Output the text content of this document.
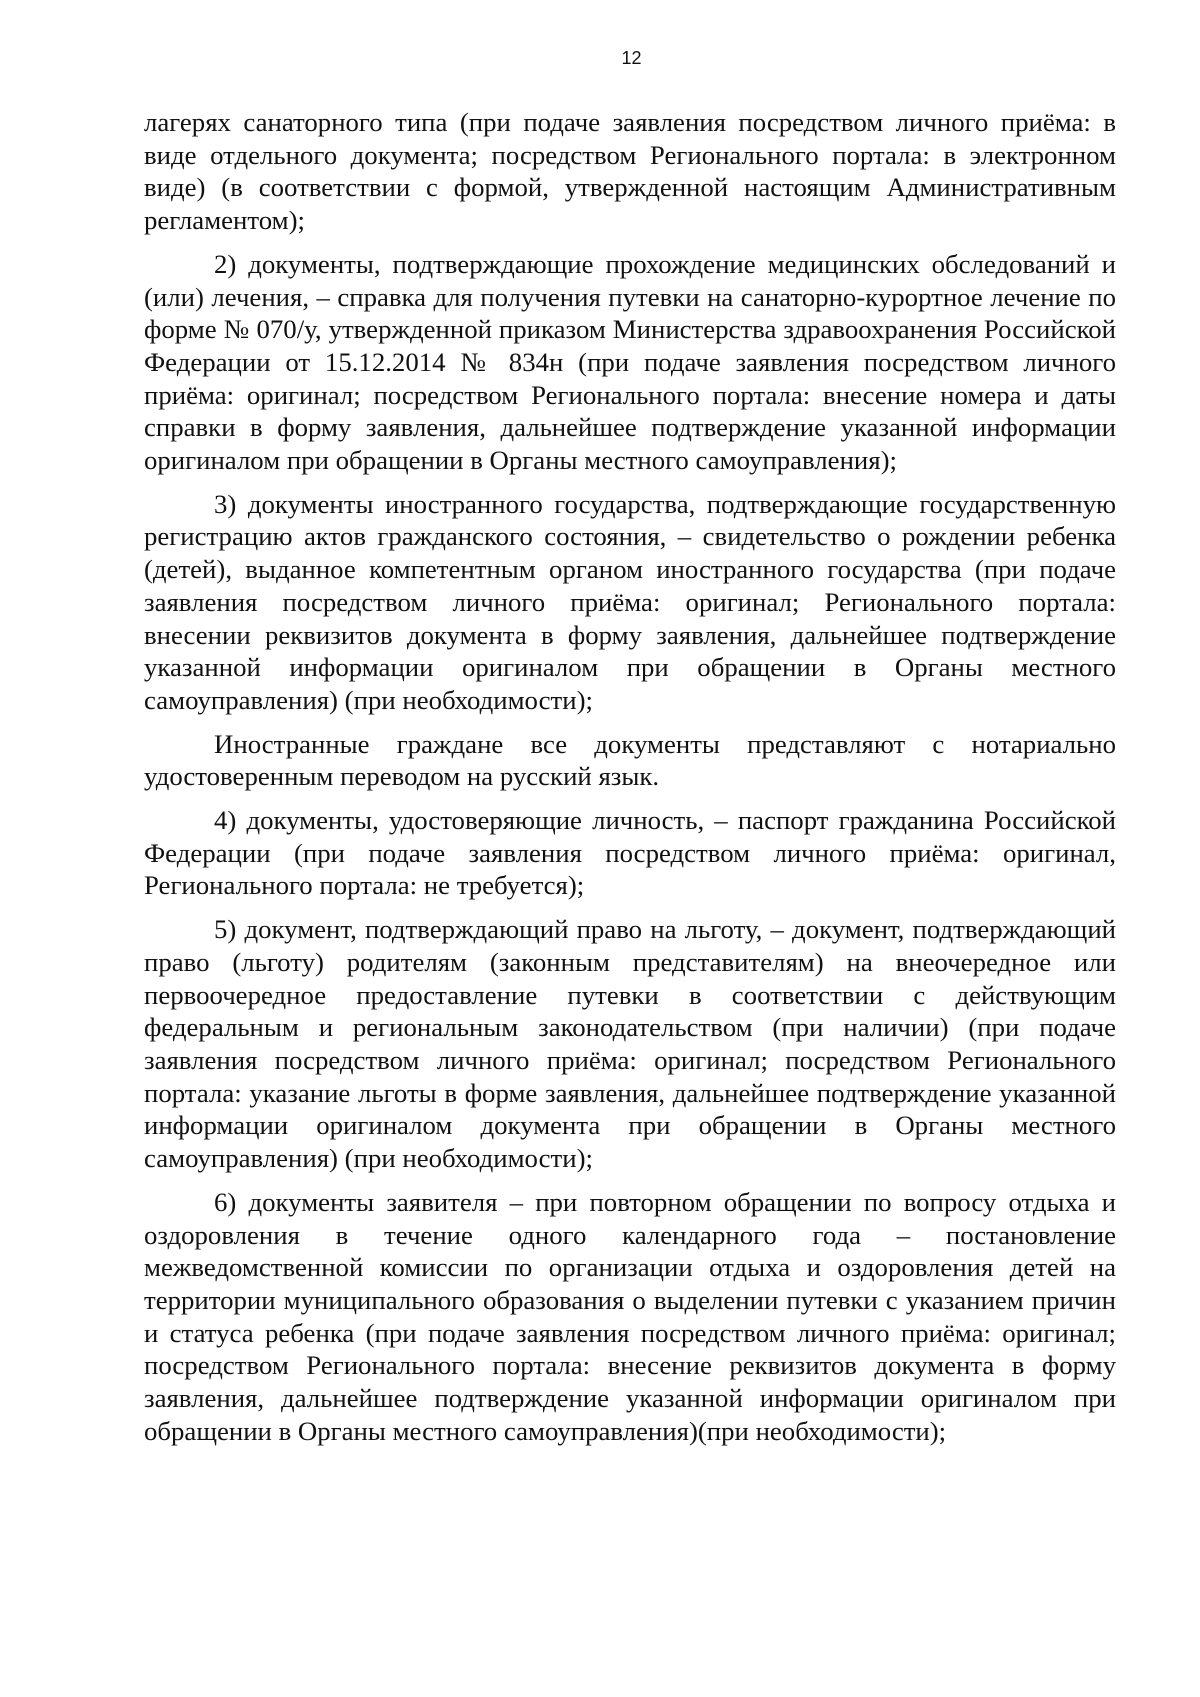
12

лагерях санаторного типа (при подаче заявления посредством личного приёма: в виде отдельного документа; посредством Регионального портала: в электронном виде) (в соответствии с формой, утвержденной настоящим Административным регламентом);

2) документы, подтверждающие прохождение медицинских обследований и (или) лечения, – справка для получения путевки на санаторно-курортное лечение по форме № 070/у, утвержденной приказом Министерства здравоохранения Российской Федерации от 15.12.2014 № 834н (при подаче заявления посредством личного приёма: оригинал; посредством Регионального портала: внесение номера и даты справки в форму заявления, дальнейшее подтверждение указанной информации оригиналом при обращении в Органы местного самоуправления);

3) документы иностранного государства, подтверждающие государственную регистрацию актов гражданского состояния, – свидетельство о рождении ребенка (детей), выданное компетентным органом иностранного государства (при подаче заявления посредством личного приёма: оригинал; Регионального портала: внесении реквизитов документа в форму заявления, дальнейшее подтверждение указанной информации оригиналом при обращении в Органы местного самоуправления) (при необходимости);

Иностранные граждане все документы представляют с нотариально удостоверенным переводом на русский язык.

4) документы, удостоверяющие личность, – паспорт гражданина Российской Федерации (при подаче заявления посредством личного приёма: оригинал, Регионального портала: не требуется);

5) документ, подтверждающий право на льготу, – документ, подтверждающий право (льготу) родителям (законным представителям) на внеочередное или первоочередное предоставление путевки в соответствии с действующим федеральным и региональным законодательством (при наличии) (при подаче заявления посредством личного приёма: оригинал; посредством Регионального портала: указание льготы в форме заявления, дальнейшее подтверждение указанной информации оригиналом документа при обращении в Органы местного самоуправления) (при необходимости);

6) документы заявителя – при повторном обращении по вопросу отдыха и оздоровления в течение одного календарного года – постановление межведомственной комиссии по организации отдыха и оздоровления детей на территории муниципального образования о выделении путевки с указанием причин и статуса ребенка (при подаче заявления посредством личного приёма: оригинал; посредством Регионального портала: внесение реквизитов документа в форму заявления, дальнейшее подтверждение указанной информации оригиналом при обращении в Органы местного самоуправления)(при необходимости);
